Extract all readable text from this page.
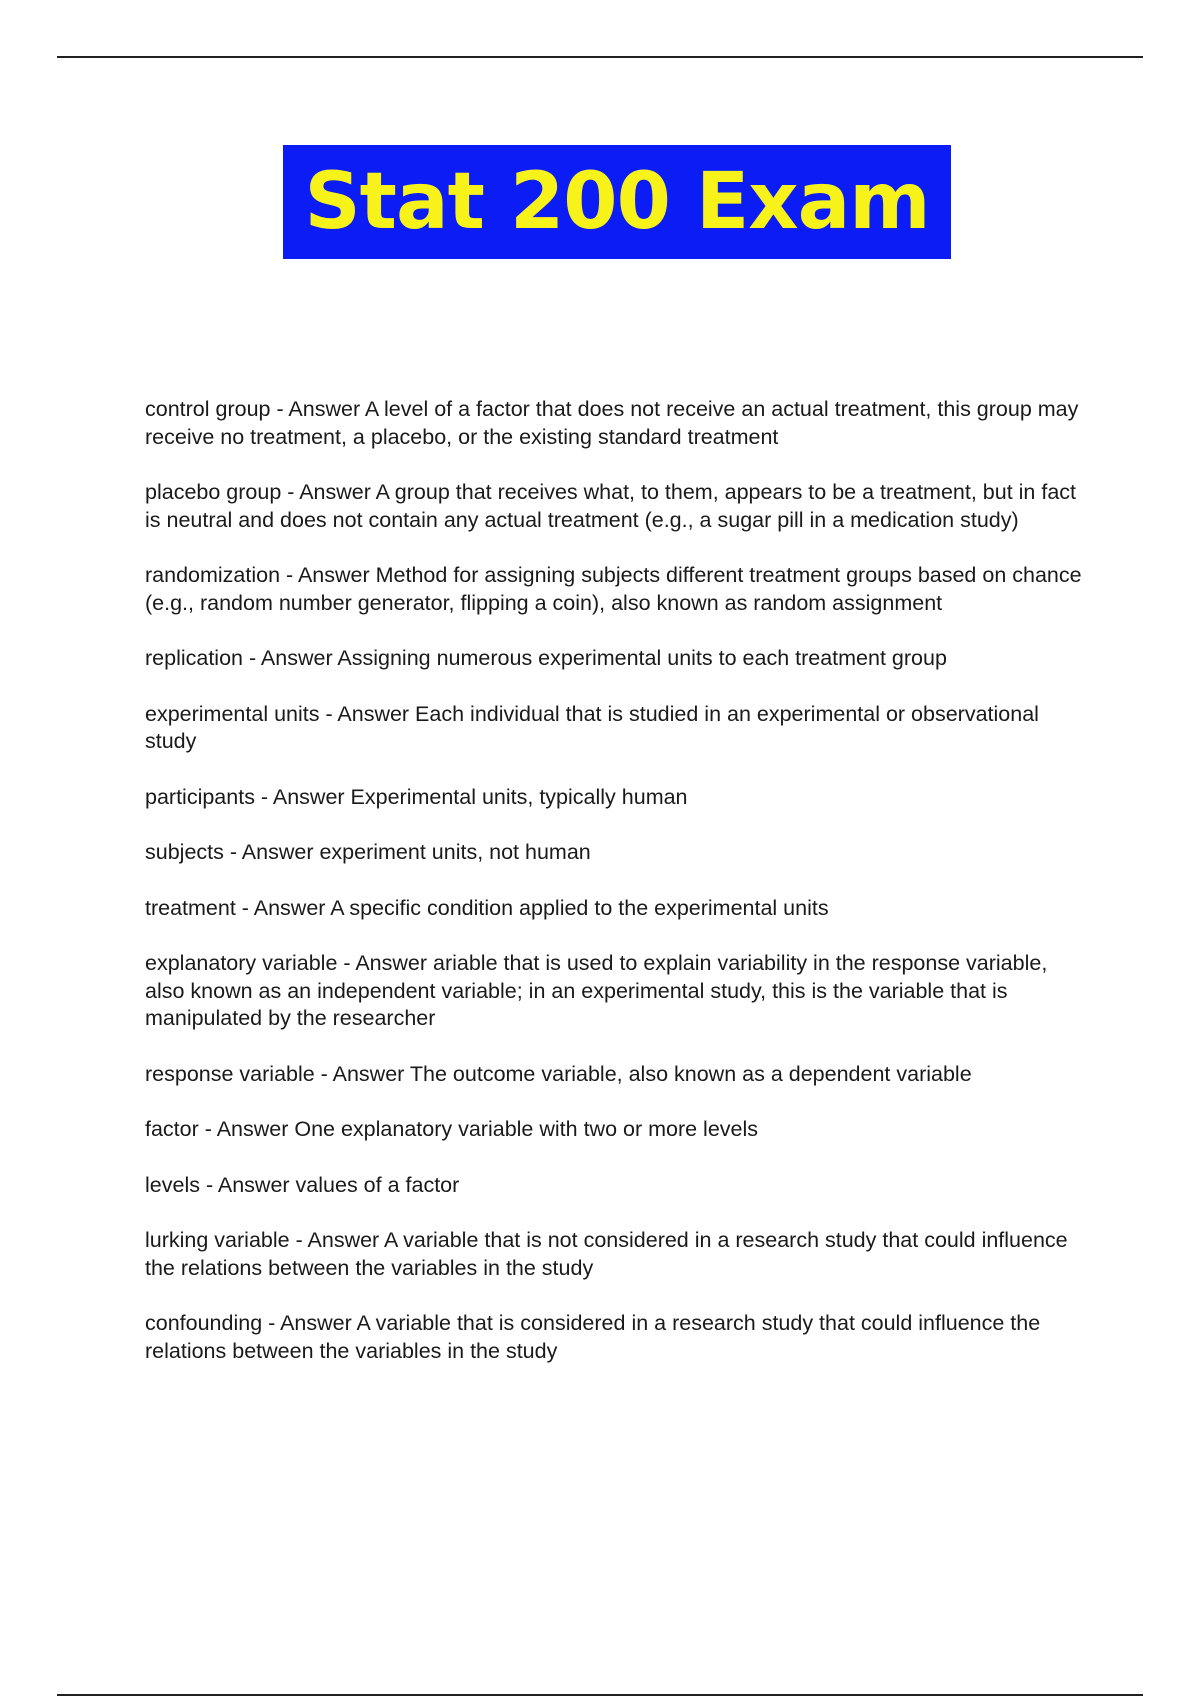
Stat 200 Exam

control group - Answer A level of a factor that does not receive an actual treatment, this group may receive no treatment, a placebo, or the existing standard treatment

placebo group - Answer A group that receives what, to them, appears to be a treatment, but in fact is neutral and does not contain any actual treatment (e.g., a sugar pill in a medication study)

randomization - Answer Method for assigning subjects different treatment groups based on chance (e.g., random number generator, flipping a coin), also known as random assignment

replication - Answer Assigning numerous experimental units to each treatment group

experimental units - Answer Each individual that is studied in an experimental or observational study

participants - Answer Experimental units, typically human

subjects - Answer experiment units, not human

treatment - Answer A specific condition applied to the experimental units

explanatory variable - Answer ariable that is used to explain variability in the response variable, also known as an independent variable; in an experimental study, this is the variable that is manipulated by the researcher

response variable - Answer The outcome variable, also known as a dependent variable

factor - Answer One explanatory variable with two or more levels

levels - Answer values of a factor

lurking variable - Answer A variable that is not considered in a research study that could influence the relations between the variables in the study

confounding - Answer A variable that is considered in a research study that could influence the relations between the variables in the study
